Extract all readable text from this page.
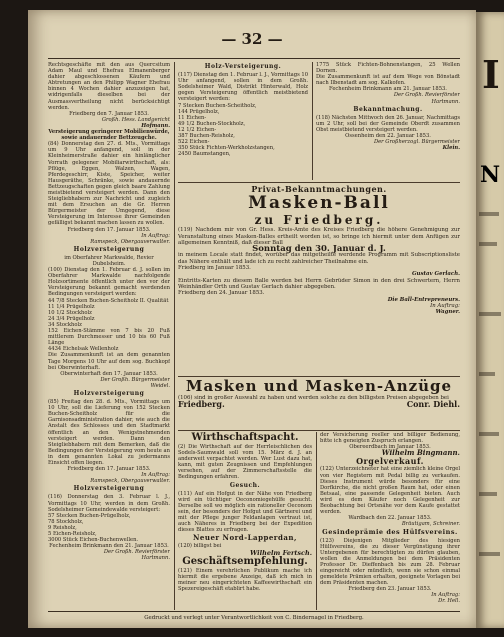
— 32 —
Rechtsgeschäfte mit den aus Quercsitum Adam Maul und Ehefrau Elmanenberger dahier abgeschlossenen Käufern und Abtretungen an den Philipp Wagner Ehefrau binnen 4 Wochen dahier anzuzeigen hat, widrigenfalls dieselben bei der Ausmassvertheilung nicht berücksichtigt werden.
Friedberg den 7. Januar 1853.
Großh. Hess. Landgericht
Hofmann.
Versteigerung geringerer Mobilienwürde, sowie andauernder Bettzeugche.
(84) Donnerstag den 27. d. Mts., Vormittags um 9 Uhr anfangend, soll in der Kleinheimerstraße dahier ein hinlänglicher Vorrath gelegener Mobiliarwirthschaft, als: Pflüge, Eggen, Walzen, Wagen, Pferdegeschirr, Kiste, Speicher, weiter Hausgeräthe, Schränke, sowie andauernde Bettzeugschaften gegen gleich baare Zahlung meistbietend versteigert werden. Dann den Steigliebhabern zur Nachricht und zugleich mit dem Ersuchen an die Gr. Herren Bürgermeister der Umgegend, diese Versteigerung im Interesse ihrer Gemeinden gefälligst bekannt machen lassen zu wollen.
Friedberg den 17. Januar 1853.
In Auftrag:
Ramspeck, Obergauverwalter.
Holzversteigerung
im Oberfahrer Markwalde, Revier Dubelsheim.
(100) Dienstag den 1. Februar d. J. sollen im Oberfahrer Markwalde nachfolgende Holzsortimente öffentlich unter den vor der Versteigerung bekannt gemacht werdenden Bedingungen versteigert werden:
44 7/8 Stecken Buchen-Scheitholz II. Qualität
11 1/4 Prügelholz
10 1/2 Stockholz
24 3/4 Prügelholz
34 Stockholz
152 Eichen-Stämme von 7 bis 20 Fuß mittlerem Durchmesser und 10 bis 60 Fuß Länge
4434 Eichelsak Wellenholz
Die Zusammenkunft ist an dem genannten Tage Morgens 10 Uhr auf dem sog. Buchkopf bei Oberwinterhaft.
Oberwinterhaft den 17. Januar 1853.
Der Großh. Bürgermeister
Weidel.
Holzversteigerung
(85) Freitag den 28. d. Mts., Vormittags um 10 Uhr, soll die Lieferung von 152 Stecken Buchen-Scheitholz für die Garnisonsadministration dahier, wie auch die Anstalt des Schlosses und den Stadtmarkt öffentlich an den Wenigstnehmenden versteigert werden. Dann den Steigliebhabern mit dem Bemerken, daß die Bedingungen der Versteigerung vom heute an in dem genannten Lokal zu jedermanns Einsicht offen liegen.
Friedberg den 17. Januar 1853.
In Auftrag:
Ramspeck, Obergauverwalter.
Holzversteigerung
(116) Donnerstag den 3. Februar l. J., Vormittags 10 Uhr, werden in dem Großh. Sodelsheimer Gemeindewalde versteigert:
57 Stecken Buchen-Prügelholz,
78 Stockholz,
9 Reisholz,
5 Eichen-Reisholz,
3000 Stück Eichen-Buchenwellen.
Fechenheim Brinkmann den 21. Januar 1853.
Der Großh. Revierförster
Hartmann.
Holz-Versteigerung.
(117) Dienstag den 1. Februar l. J., Vormittags 10 Uhr anfangend, sollen in dem Großh. Sodelsheimer Wald, Distrikt Hinterwald, Holz gegen Versteigerung öffentlich meistbietend versteigert werden:
7 Stecken Buchen-Scheitholz,
144 Prügelholz,
11 Eichen-
49 1/2 Buchen-Stockholz,
12 1/2 Eichen-
387 Buchen-Reisholz,
522 Eichen-
350 Stück Fichten-Werkholzstangen,
2450 Baumstangen,
1775 Stück Fichten-Bohnenstangen, 25 Wellen Dornen.
Die Zusammenkunft ist auf dem Wege von Bönstadt nach Ilbenstadt am sog. Kalkofen.
Fechenheim Brinkmann am 21. Januar 1853.
Der Großh. Revierförster
Hartmann.
Bekanntmachung.
(118) Nächsten Mittwoch den 26. Januar, Nachmittags um 2 Uhr, soll bei der Gemeinde Oberdt zusammen Obst meistbietend versteigert werden.
Ossenheim den 22. Januar 1853.
Der Großherzogl. Bürgermeister
Klein.
Privat-Bekanntmachungen.
Masken-Ball
zu Friedberg.
(119) Nachdem mir von Gr. Hess. Kreis-Amte des Kreises Friedberg die höhere Genehmigung zur Veranstaltung eines Masken-Balles ertheilt worden ist, so bringe ich hiermit unter dem Anfügen zur allgemeinen Kenntniß, daß dieser Ball
Sonntag den 30. Januar d. J.
in meinem Locale statt findet, worüber das mitgetheilte werdende Programm mit Subscriptionsliste das Nähere enthält und lade ich zu recht zahlreicher Theilnahme ein.
Friedberg im Januar 1853.
Gustav Gerlach.
Eintritts-Karten zu diesem Balle werden bei Herrn Gebrüder Simon in den drei Schwertern, Herrn Weinhändler Orth und Gustav Gerlach dahier abgegeben.
Friedberg den 24. Januar 1853.
Die Ball-Entrepreneurs.
In Auftrag:
Wagner.
Masken und Masken-Anzüge
(106) sind in großer Auswahl zu haben und werden solche zu den billigsten Preisen abgegeben bei
Friedberg.	Conr. Diehl.
Wirthschaftspacht.
(2) Die Wirthschaft auf der Herrleischlichen des Sodels-Saumwald soll vom 15. März d. J. an anderweit verpachtet werden. Wer Lust dazu hat, kann, mit guten Zeugnissen und Empfehlungen versehen, auf der Zimmerschaftsstelle die Bedingungen erfahren.
Gesuch.
(111) Auf ein Hofgut in der Nähe von Friedberg wird ein tüchtiger Oeconomiegehülfe gesucht. Derselbe soll wo möglich ein rationeller Oeconom sein, der besonders der Hofgut und Gärtnerei und mit der Pflege junger Feldanlagen vertraut ist, auch Näheres in Friedberg bei der Expedition dieses Blattes zu erfragen.
Neuer Nord-Lapperdan,
(120) billigst bei
Wilhelm Fertsch.
Geschäftsempfehlung.
(121) Einem verehrlichen Publikum mache ich hiermit die ergebene Anzeige, daß ich mich in meiner neu eingerichteten Kaffeewirthschaft ein Spezereigeschäft etablirt habe.
der Versicherung reeller und billiger Bedienung, bitte ich geneigten Zuspruch erlangen.
Obereerdbach im Januar 1853.
Wilhelm Bingmann.
Orgelverkauf.
(122) Unterzeichneter hat eine ziemlich kleine Orgel von vier Registern mit Pedal billig zu verkaufen. Dieses Instrument würde besonders für eine Dorfkirche, die nicht großen Raum hat, oder einen Betsaal, eine passende Gelegenheit bieten. Auch wird es dem Käufer noch Gelegenheit zur Beobachtung bei Ortsnähe vor dem Kaufe gestattet werden.
Wardbach den 22. Januar 1853.
Bräutigam, Schreiner.
Gesindeprämie des Hülfsvereins.
(123) Diejenigen Mitglieder des hiesigen Hülfsvereins, die zu dieser Vergünstigung ihrer Untergebenen für berechtigten zu dürfen glauben, wollen die Anmeldungen bei dem Präsidenten Professor Dr. Dieffenbach bis zum 28. Februar eingereicht oder mündlich, wenn sie schon einmal gemeldete Prämien erhalten, geeignete Vorlagen bei dem Präsidenten machen.
Friedberg den 23. Januar 1853.
In Auftrag:
Dr. Hell.
Gedruckt und verlegt unter Verantwortlichkeit von C. Bindernagel in Friedberg.
I
N
